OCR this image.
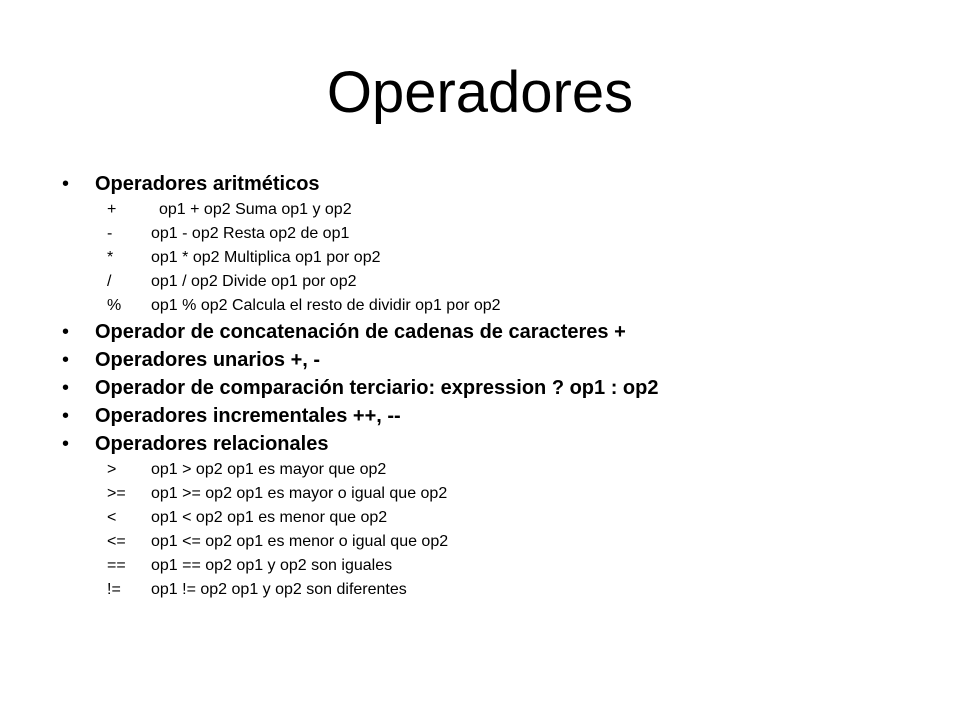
Operadores
• Operadores aritméticos
+	op1 + op2 Suma op1 y op2
- op1 - op2 Resta op2 de op1
* op1 * op2 Multiplica op1 por op2
/ op1 / op2 Divide op1 por op2
% op1 % op2 Calcula el resto de dividir op1 por op2
• Operador de concatenación de cadenas de caracteres +
• Operadores unarios +, -
• Operador de comparación terciario: expression ? op1 : op2
• Operadores incrementales ++, --
• Operadores relacionales
> op1 > op2 op1 es mayor que op2
>= op1 >= op2 op1 es mayor o igual que op2
< op1 < op2 op1 es menor que op2
<= op1 <= op2 op1 es menor o igual que op2
== op1 == op2 op1 y op2 son iguales
!= op1 != op2 op1 y op2 son diferentes
